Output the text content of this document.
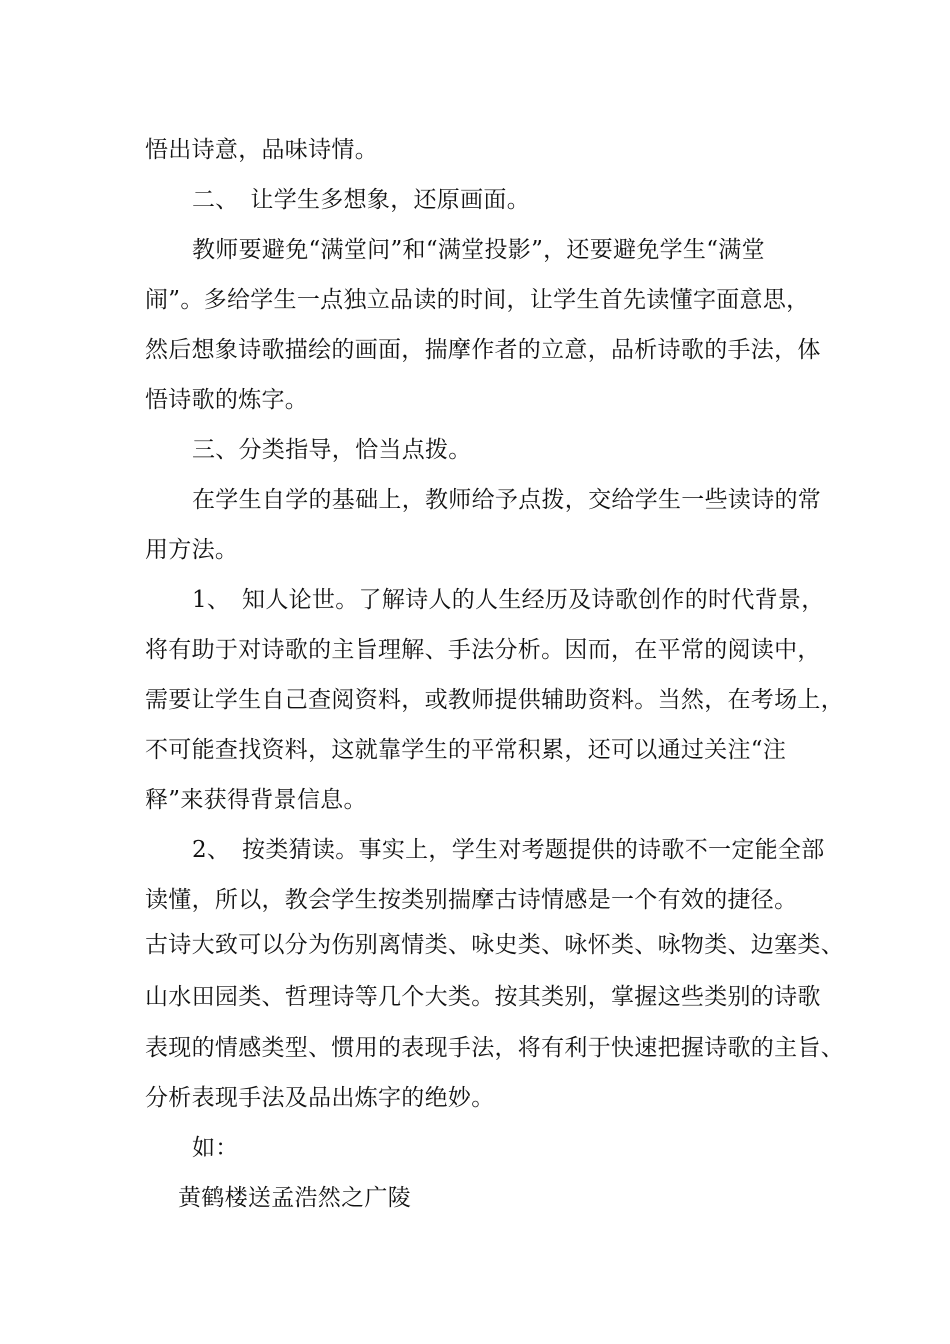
悟出诗意，品味诗情。
二、　让学生多想象，还原画面。
教师要避免“满堂问”和“满堂投影”，还要避免学生“满堂
闹”。多给学生一点独立品读的时间，让学生首先读懂字面意思，
然后想象诗歌描绘的画面，揣摩作者的立意，品析诗歌的手法，体
悟诗歌的炼字。
三、分类指导，恰当点拨。
在学生自学的基础上，教师给予点拨，交给学生一些读诗的常
用方法。
1、　知人论世。了解诗人的人生经历及诗歌创作的时代背景，
将有助于对诗歌的主旨理解、手法分析。因而，在平常的阅读中，
需要让学生自己查阅资料，或教师提供辅助资料。当然，在考场上，
不可能查找资料，这就靠学生的平常积累，还可以通过关注“注
释”来获得背景信息。
2、　按类猜读。事实上，学生对考题提供的诗歌不一定能全部
读懂，所以，教会学生按类别揣摩古诗情感是一个有效的捷径。
古诗大致可以分为伤别离情类、咏史类、咏怀类、咏物类、边塞类、
山水田园类、哲理诗等几个大类。按其类别，掌握这些类别的诗歌
表现的情感类型、惯用的表现手法，将有利于快速把握诗歌的主旨、
分析表现手法及品出炼字的绝妙。
如：
黄鹤楼送孟浩然之广陵
